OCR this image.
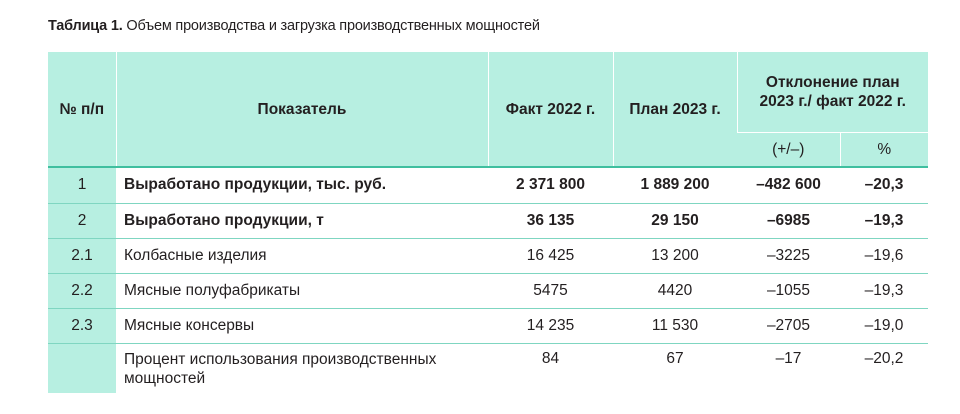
Таблица 1. Объем производства и загрузка производственных мощностей
№ п/п	Показатель	Факт 2022 г.	План 2023 г.	Отклонение план 2023 г./ факт 2022 г.	
				(+/–)	%
1	Выработано продукции, тыс. руб.	2 371 800	1 889 200	–482 600	–20,3
2	Выработано продукции, т	36 135	29 150	–6985	–19,3
2.1	Колбасные изделия	16 425	13 200	–3225	–19,6
2.2	Мясные полуфабрикаты	5475	4420	–1055	–19,3
2.3	Мясные консервы	14 235	11 530	–2705	–19,0
	Процент использования производственных мощностей	84	67	–17	–20,2
